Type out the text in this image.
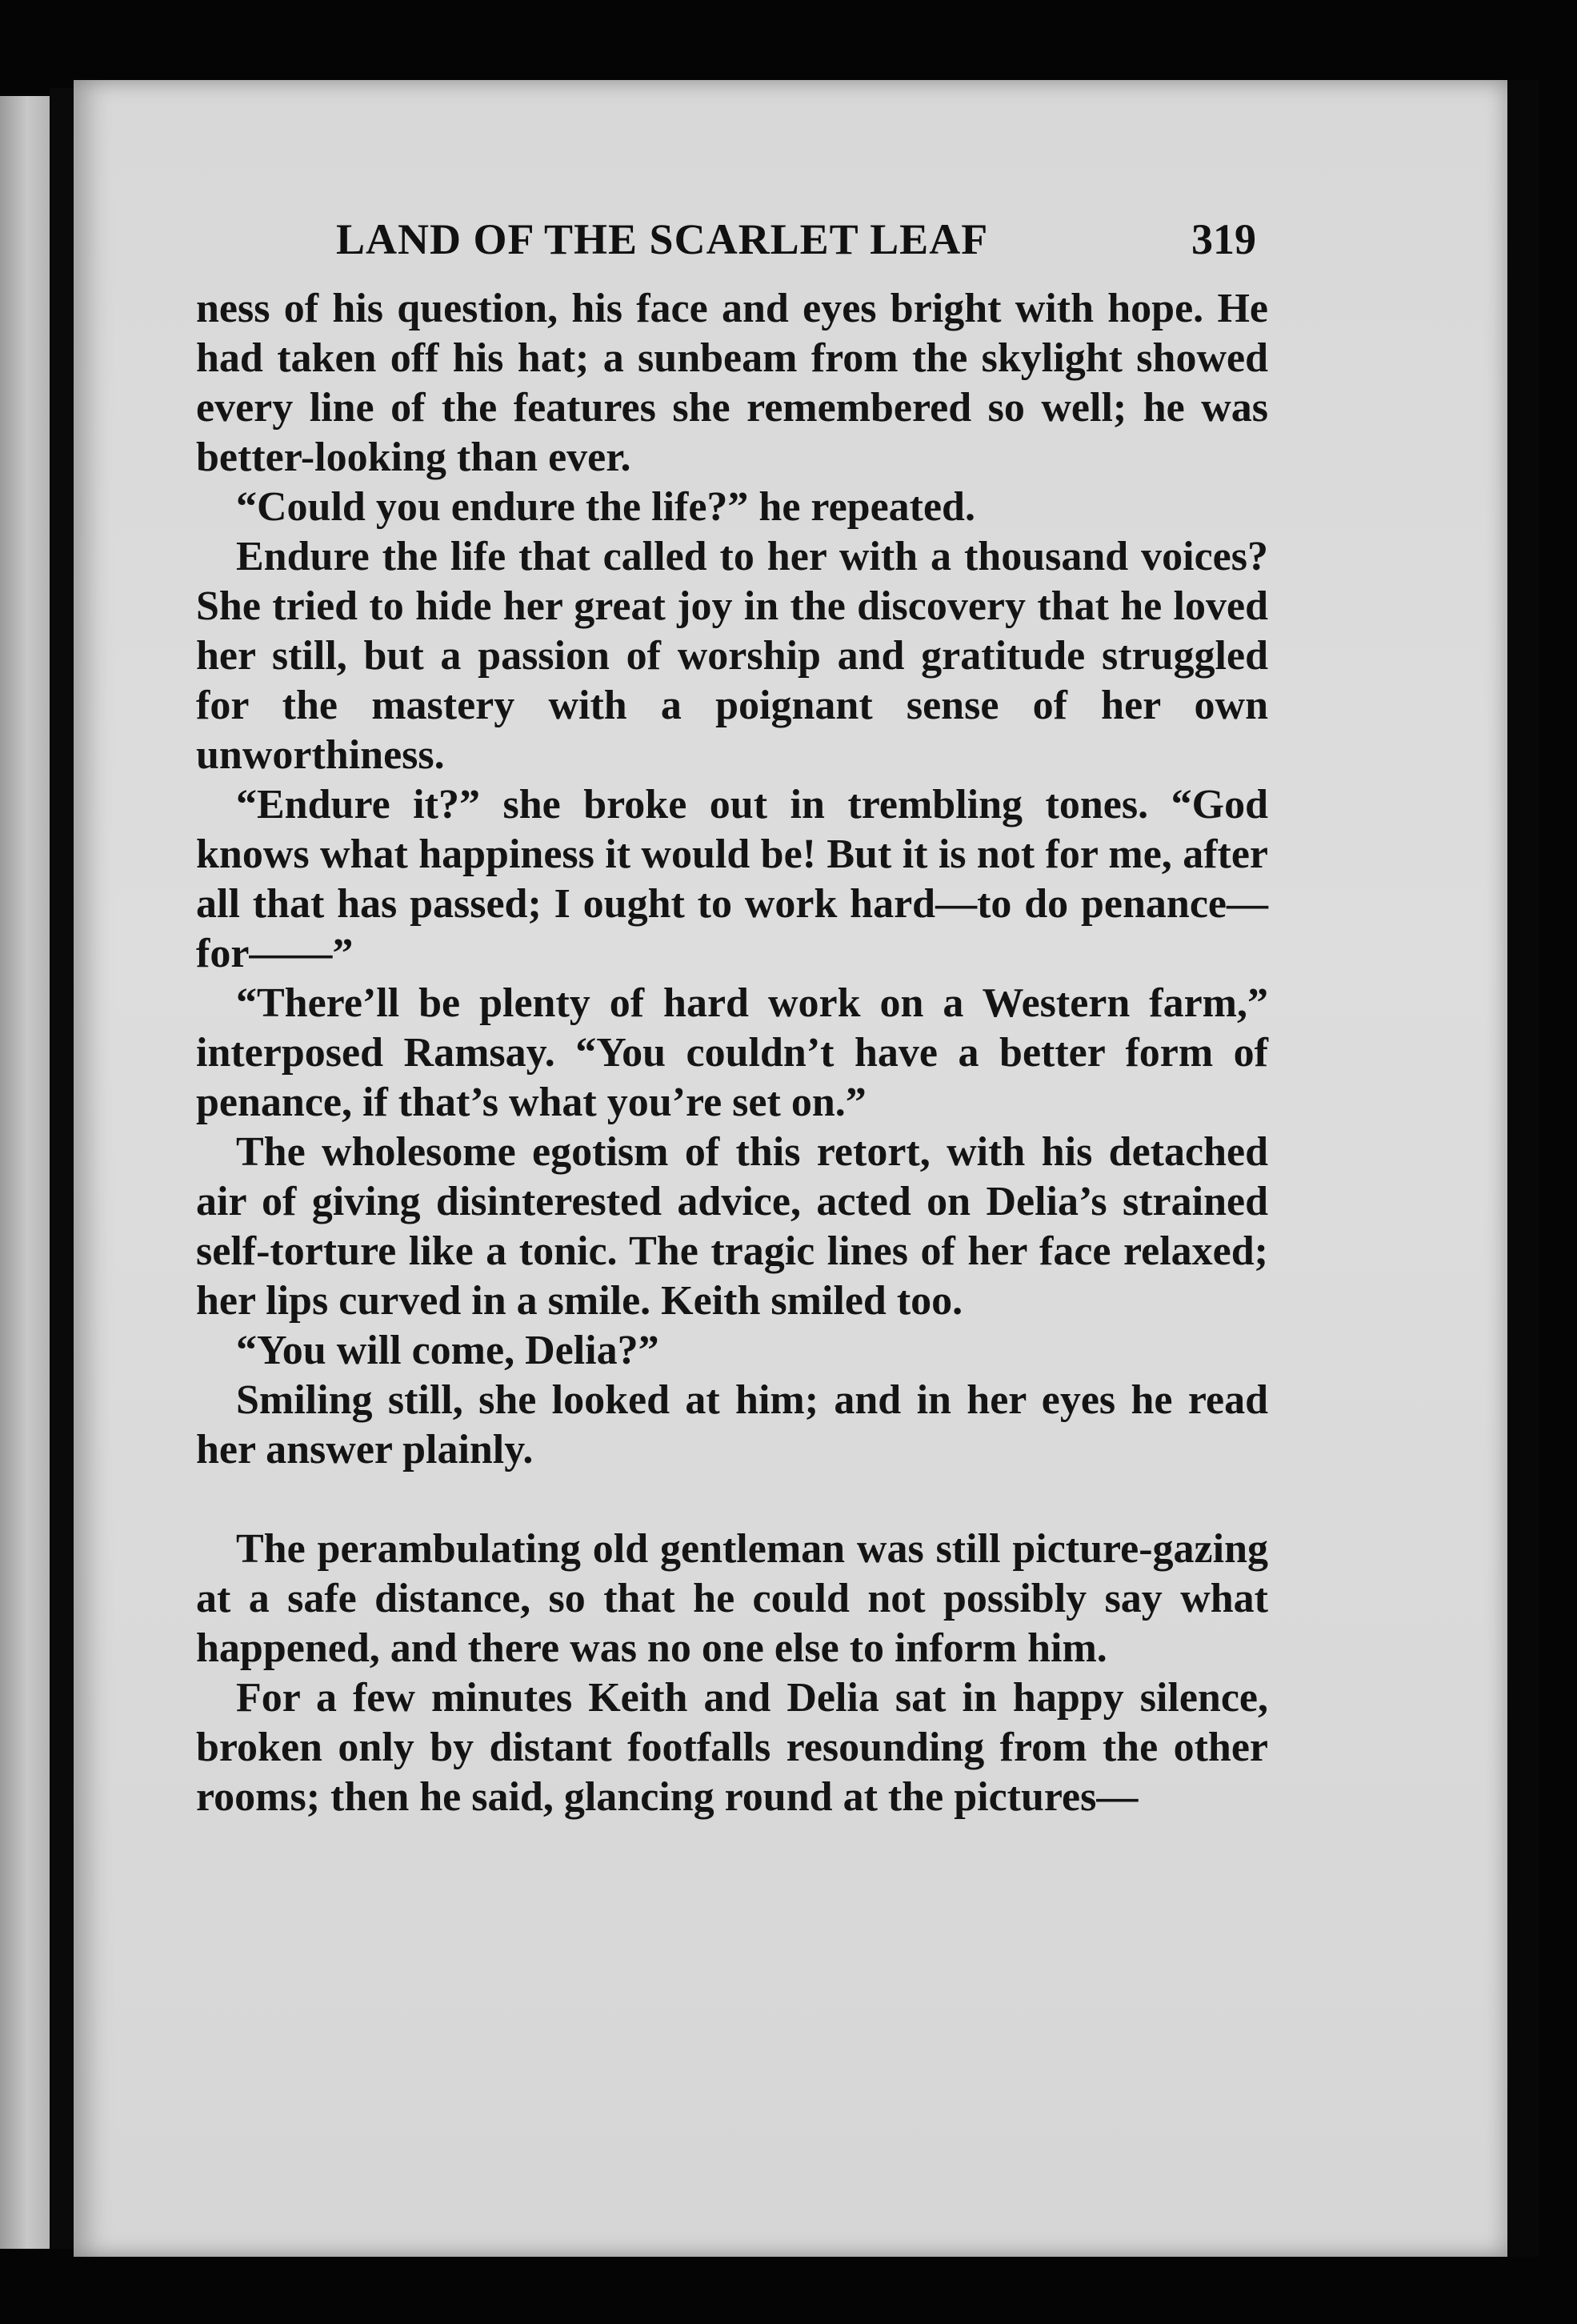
LAND OF THE SCARLET LEAF	319

ness of his question, his face and eyes bright with hope. He had taken off his hat; a sunbeam from the skylight showed every line of the features she remembered so well; he was better-looking than ever.

“Could you endure the life?” he repeated.

Endure the life that called to her with a thousand voices? She tried to hide her great joy in the discovery that he loved her still, but a passion of worship and gratitude struggled for the mastery with a poignant sense of her own unworthiness.

“Endure it?” she broke out in trembling tones. “God knows what happiness it would be! But it is not for me, after all that has passed; I ought to work hard—to do penance—for——”

“There’ll be plenty of hard work on a Western farm,” interposed Ramsay. “You couldn’t have a better form of penance, if that’s what you’re set on.”

The wholesome egotism of this retort, with his detached air of giving disinterested advice, acted on Delia’s strained self-torture like a tonic. The tragic lines of her face relaxed; her lips curved in a smile. Keith smiled too.

“You will come, Delia?”

Smiling still, she looked at him; and in her eyes he read her answer plainly.

The perambulating old gentleman was still picture-gazing at a safe distance, so that he could not possibly say what happened, and there was no one else to inform him.

For a few minutes Keith and Delia sat in happy silence, broken only by distant footfalls resounding from the other rooms; then he said, glancing round at the pictures—
